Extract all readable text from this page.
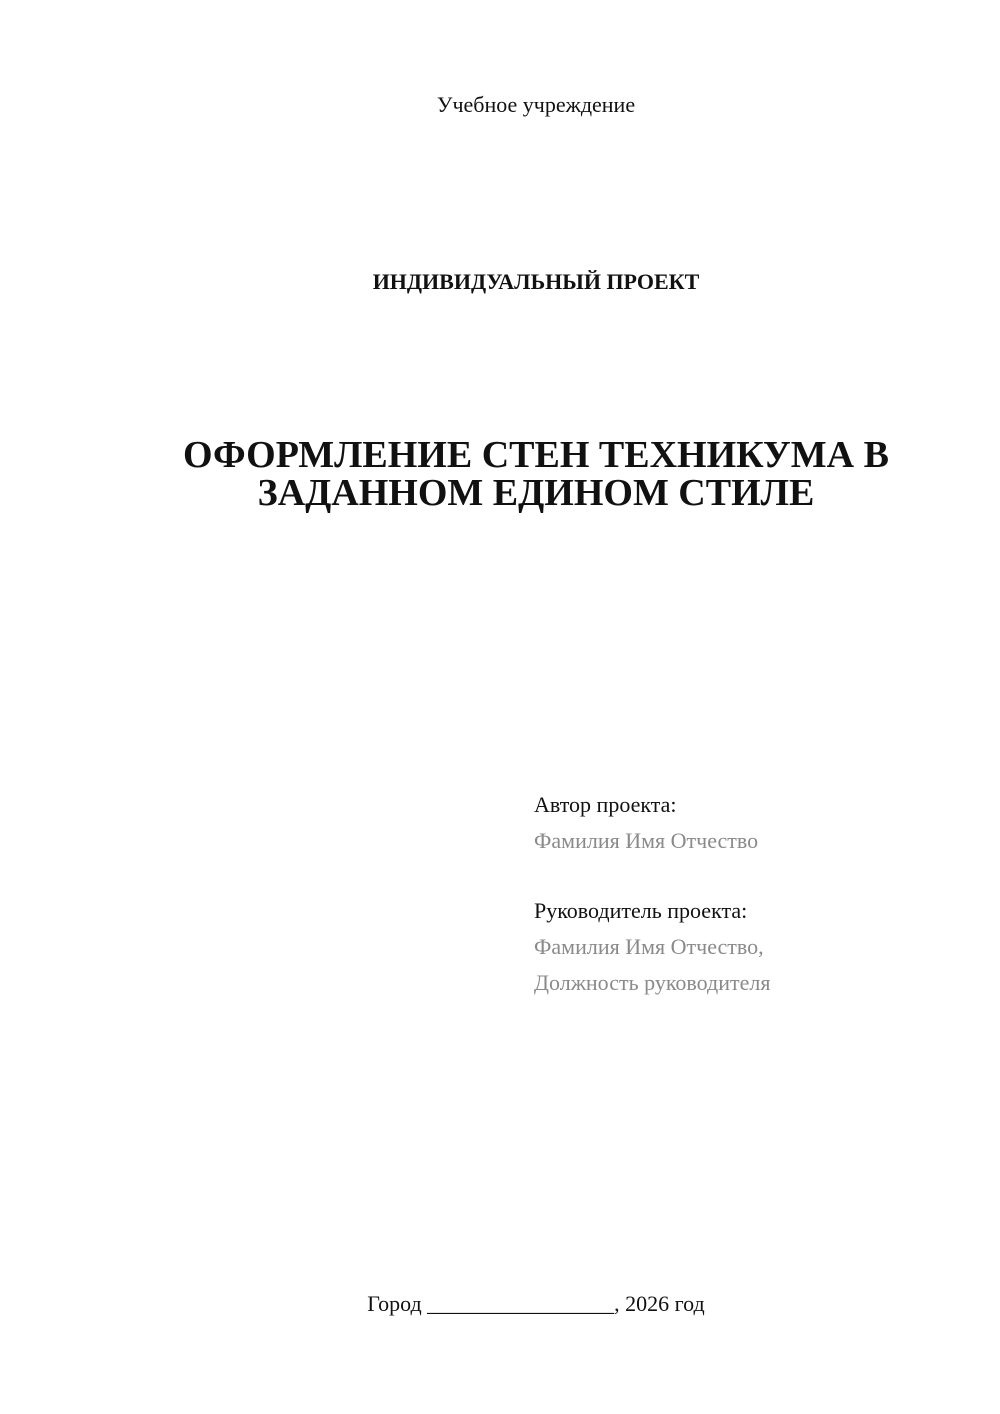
Учебное учреждение
ИНДИВИДУАЛЬНЫЙ ПРОЕКТ
ОФОРМЛЕНИЕ СТЕН ТЕХНИКУМА В
ЗАДАННОМ ЕДИНОМ СТИЛЕ
Автор проекта:
Фамилия Имя Отчество
Руководитель проекта:
Фамилия Имя Отчество,
Должность руководителя
Город _________________, 2026 год
